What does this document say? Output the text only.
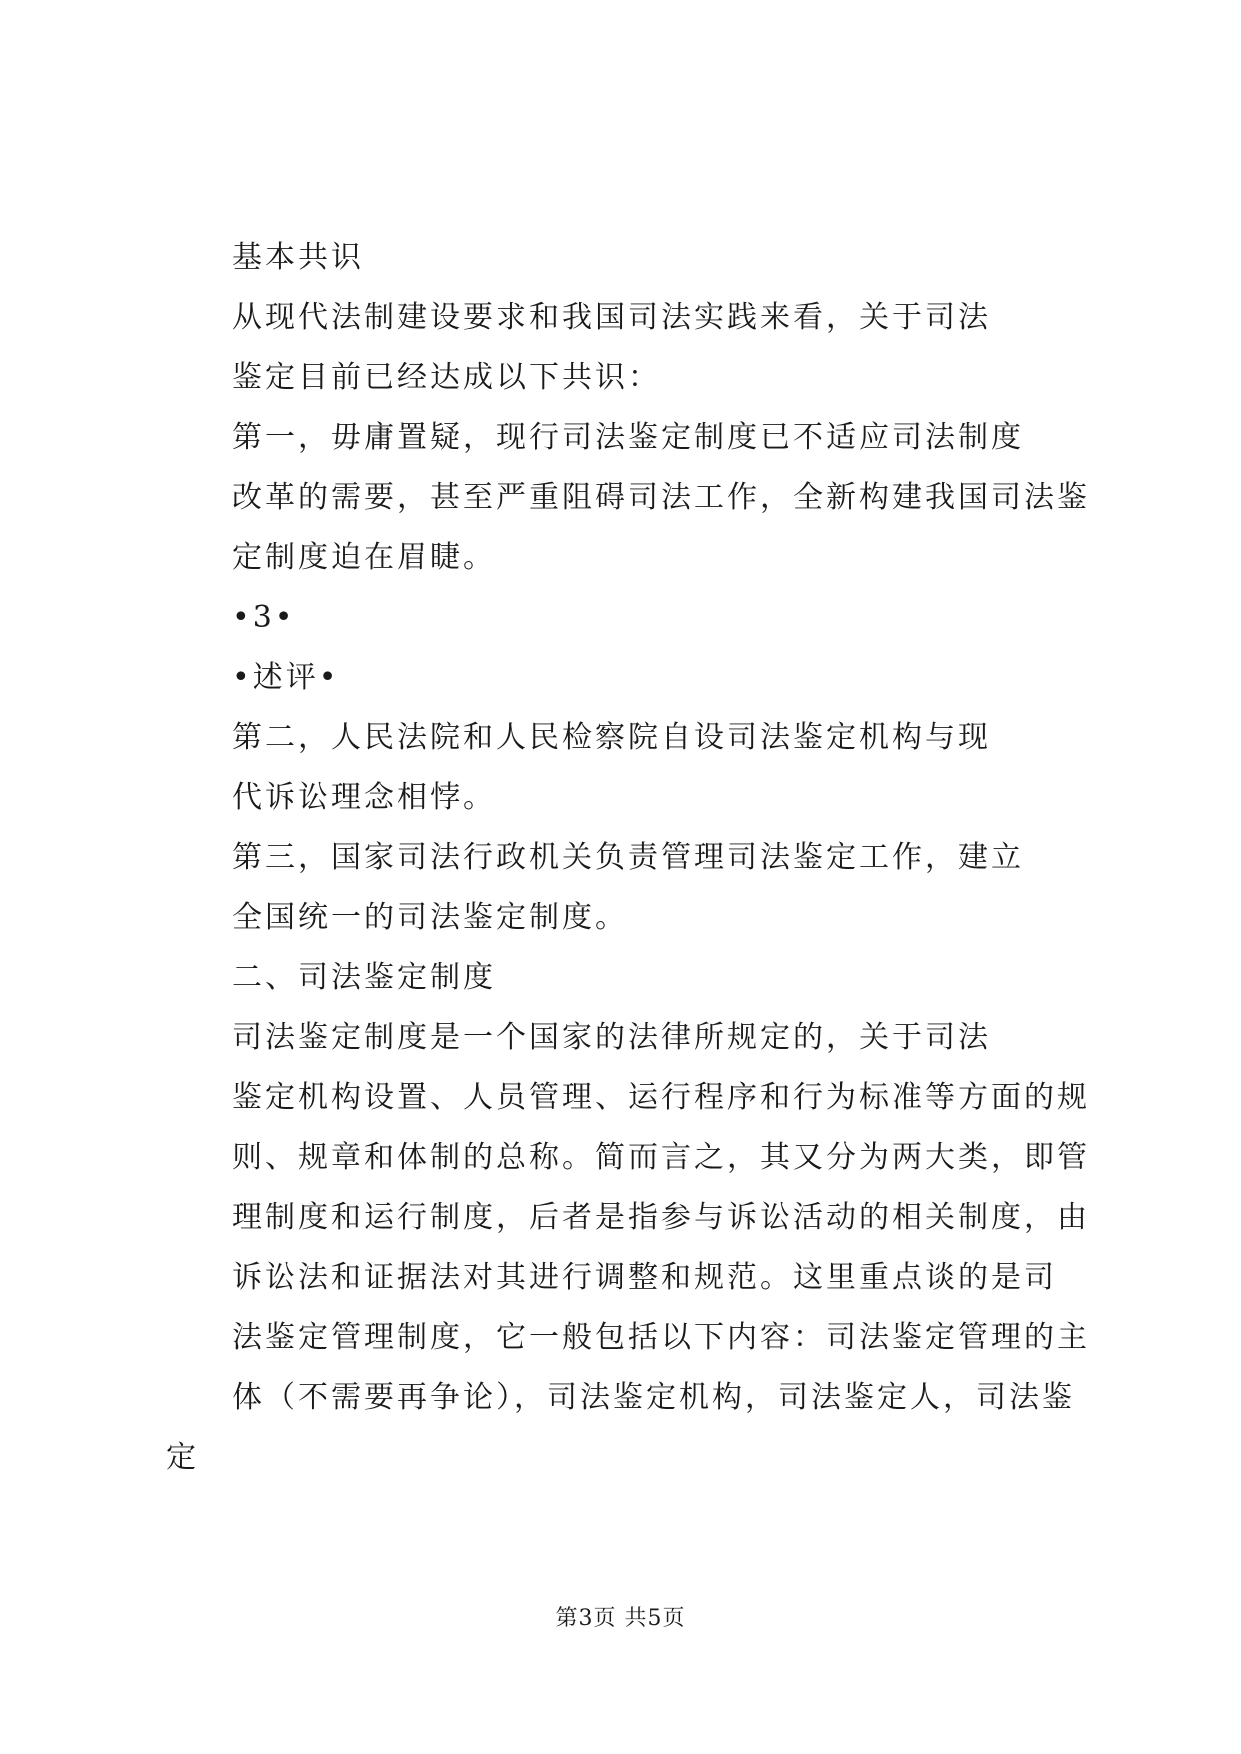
基本共识
从现代法制建设要求和我国司法实践来看，关于司法
鉴定目前已经达成以下共识：
第一，毋庸置疑，现行司法鉴定制度已不适应司法制度
改革的需要，甚至严重阻碍司法工作，全新构建我国司法鉴
定制度迫在眉睫。
•3•
•述评•
第二，人民法院和人民检察院自设司法鉴定机构与现
代诉讼理念相悖。
第三，国家司法行政机关负责管理司法鉴定工作，建立
全国统一的司法鉴定制度。
二、司法鉴定制度
司法鉴定制度是一个国家的法律所规定的，关于司法
鉴定机构设置、人员管理、运行程序和行为标准等方面的规
则、规章和体制的总称。简而言之，其又分为两大类，即管
理制度和运行制度，后者是指参与诉讼活动的相关制度，由
诉讼法和证据法对其进行调整和规范。这里重点谈的是司
法鉴定管理制度，它一般包括以下内容：司法鉴定管理的主
体（不需要再争论），司法鉴定机构，司法鉴定人，司法鉴
定
第3页 共5页
